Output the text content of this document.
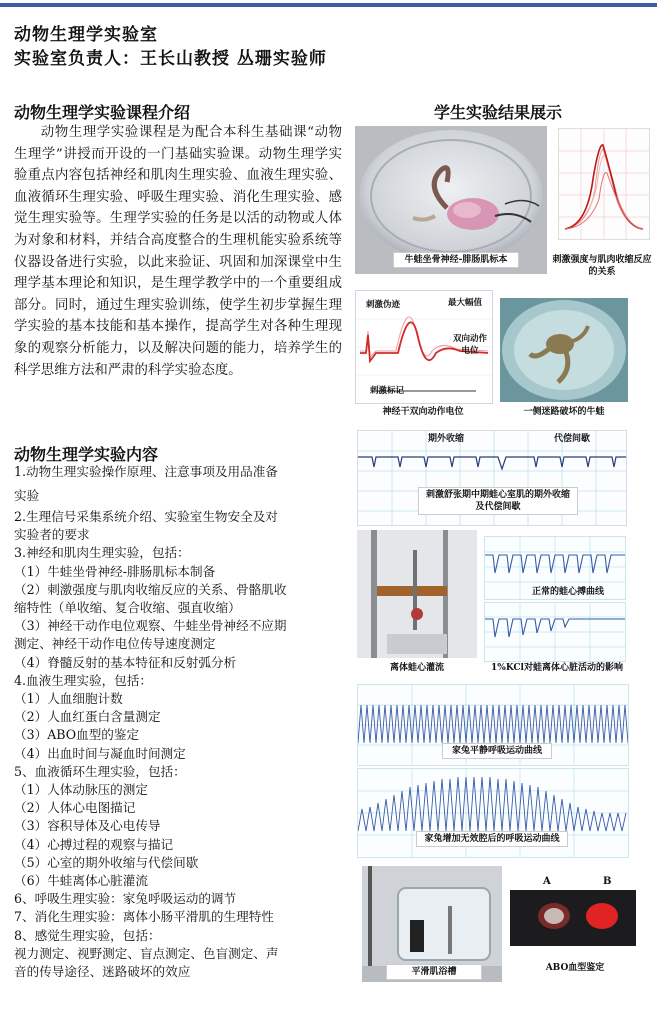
动物生理学实验室
实验室负责人：王长山教授 丛珊实验师
动物生理学实验课程介绍

动物生理学实验课程是为配合本科生基础课“动物生理学”讲授而开设的一门基础实验课。动物生理学实验重点内容包括神经和肌肉生理实验、血液生理实验、血液循环生理实验、呼吸生理实验、消化生理实验、感觉生理实验等。生理学实验的任务是以活的动物或人体为对象和材料，并结合高度整合的生理机能实验系统等仪器设备进行实验，以此来验证、巩固和加深课堂中生理学基本理论和知识，是生理学教学中的一个重要组成部分。同时，通过生理实验训练，使学生初步掌握生理学实验的基本技能和基本操作，提高学生对各种生理现象的观察分析能力，以及解决问题的能力，培养学生的科学思维方法和严肃的科学实验态度。

动物生理学实验内容
1.动物生理实验操作原理、注意事项及用品准备
实验
2.生理信号采集系统介绍、实验室生物安全及对
实验者的要求
3.神经和肌肉生理实验，包括：
（1）牛蛙坐骨神经-腓肠肌标本制备
（2）刺激强度与肌肉收缩反应的关系、骨骼肌收
缩特性（单收缩、复合收缩、强直收缩）
（3）神经干动作电位观察、牛蛙坐骨神经不应期
测定、神经干动作电位传导速度测定
（4）脊髓反射的基本特征和反射弧分析
4.血液生理实验，包括：
（1）人血细胞计数
（2）人血红蛋白含量测定
（3）ABO血型的鉴定
（4）出血时间与凝血时间测定
5、血液循环生理实验，包括：
（1）人体动脉压的测定
（2）人体心电图描记
（3）容积导体及心电传导
（4）心搏过程的观察与描记
（5）心室的期外收缩与代偿间歇
（6）牛蛙离体心脏灌流
6、呼吸生理实验：家兔呼吸运动的调节
7、消化生理实验：离体小肠平滑肌的生理特性
8、感觉生理实验，包括：
视力测定、视野测定、盲点测定、色盲测定、声
音的传导途径、迷路破坏的效应
学生实验结果展示
牛蛙坐骨神经-腓肠肌标本	刺激强度与肌肉收缩反应的关系
刺激伪迹	最大幅值
双向动作电位
刺激标记
神经干双向动作电位	一侧迷路破坏的牛蛙
期外收缩	代偿间歇
刺激舒张期中期蛙心室肌的期外收缩及代偿间歇
离体蛙心灌流
正常的蛙心搏曲线
1%KCl对蛙离体心脏活动的影响
家兔平静呼吸运动曲线
家兔增加无效腔后的呼吸运动曲线
平滑肌浴槽
A	B
ABO血型鉴定
